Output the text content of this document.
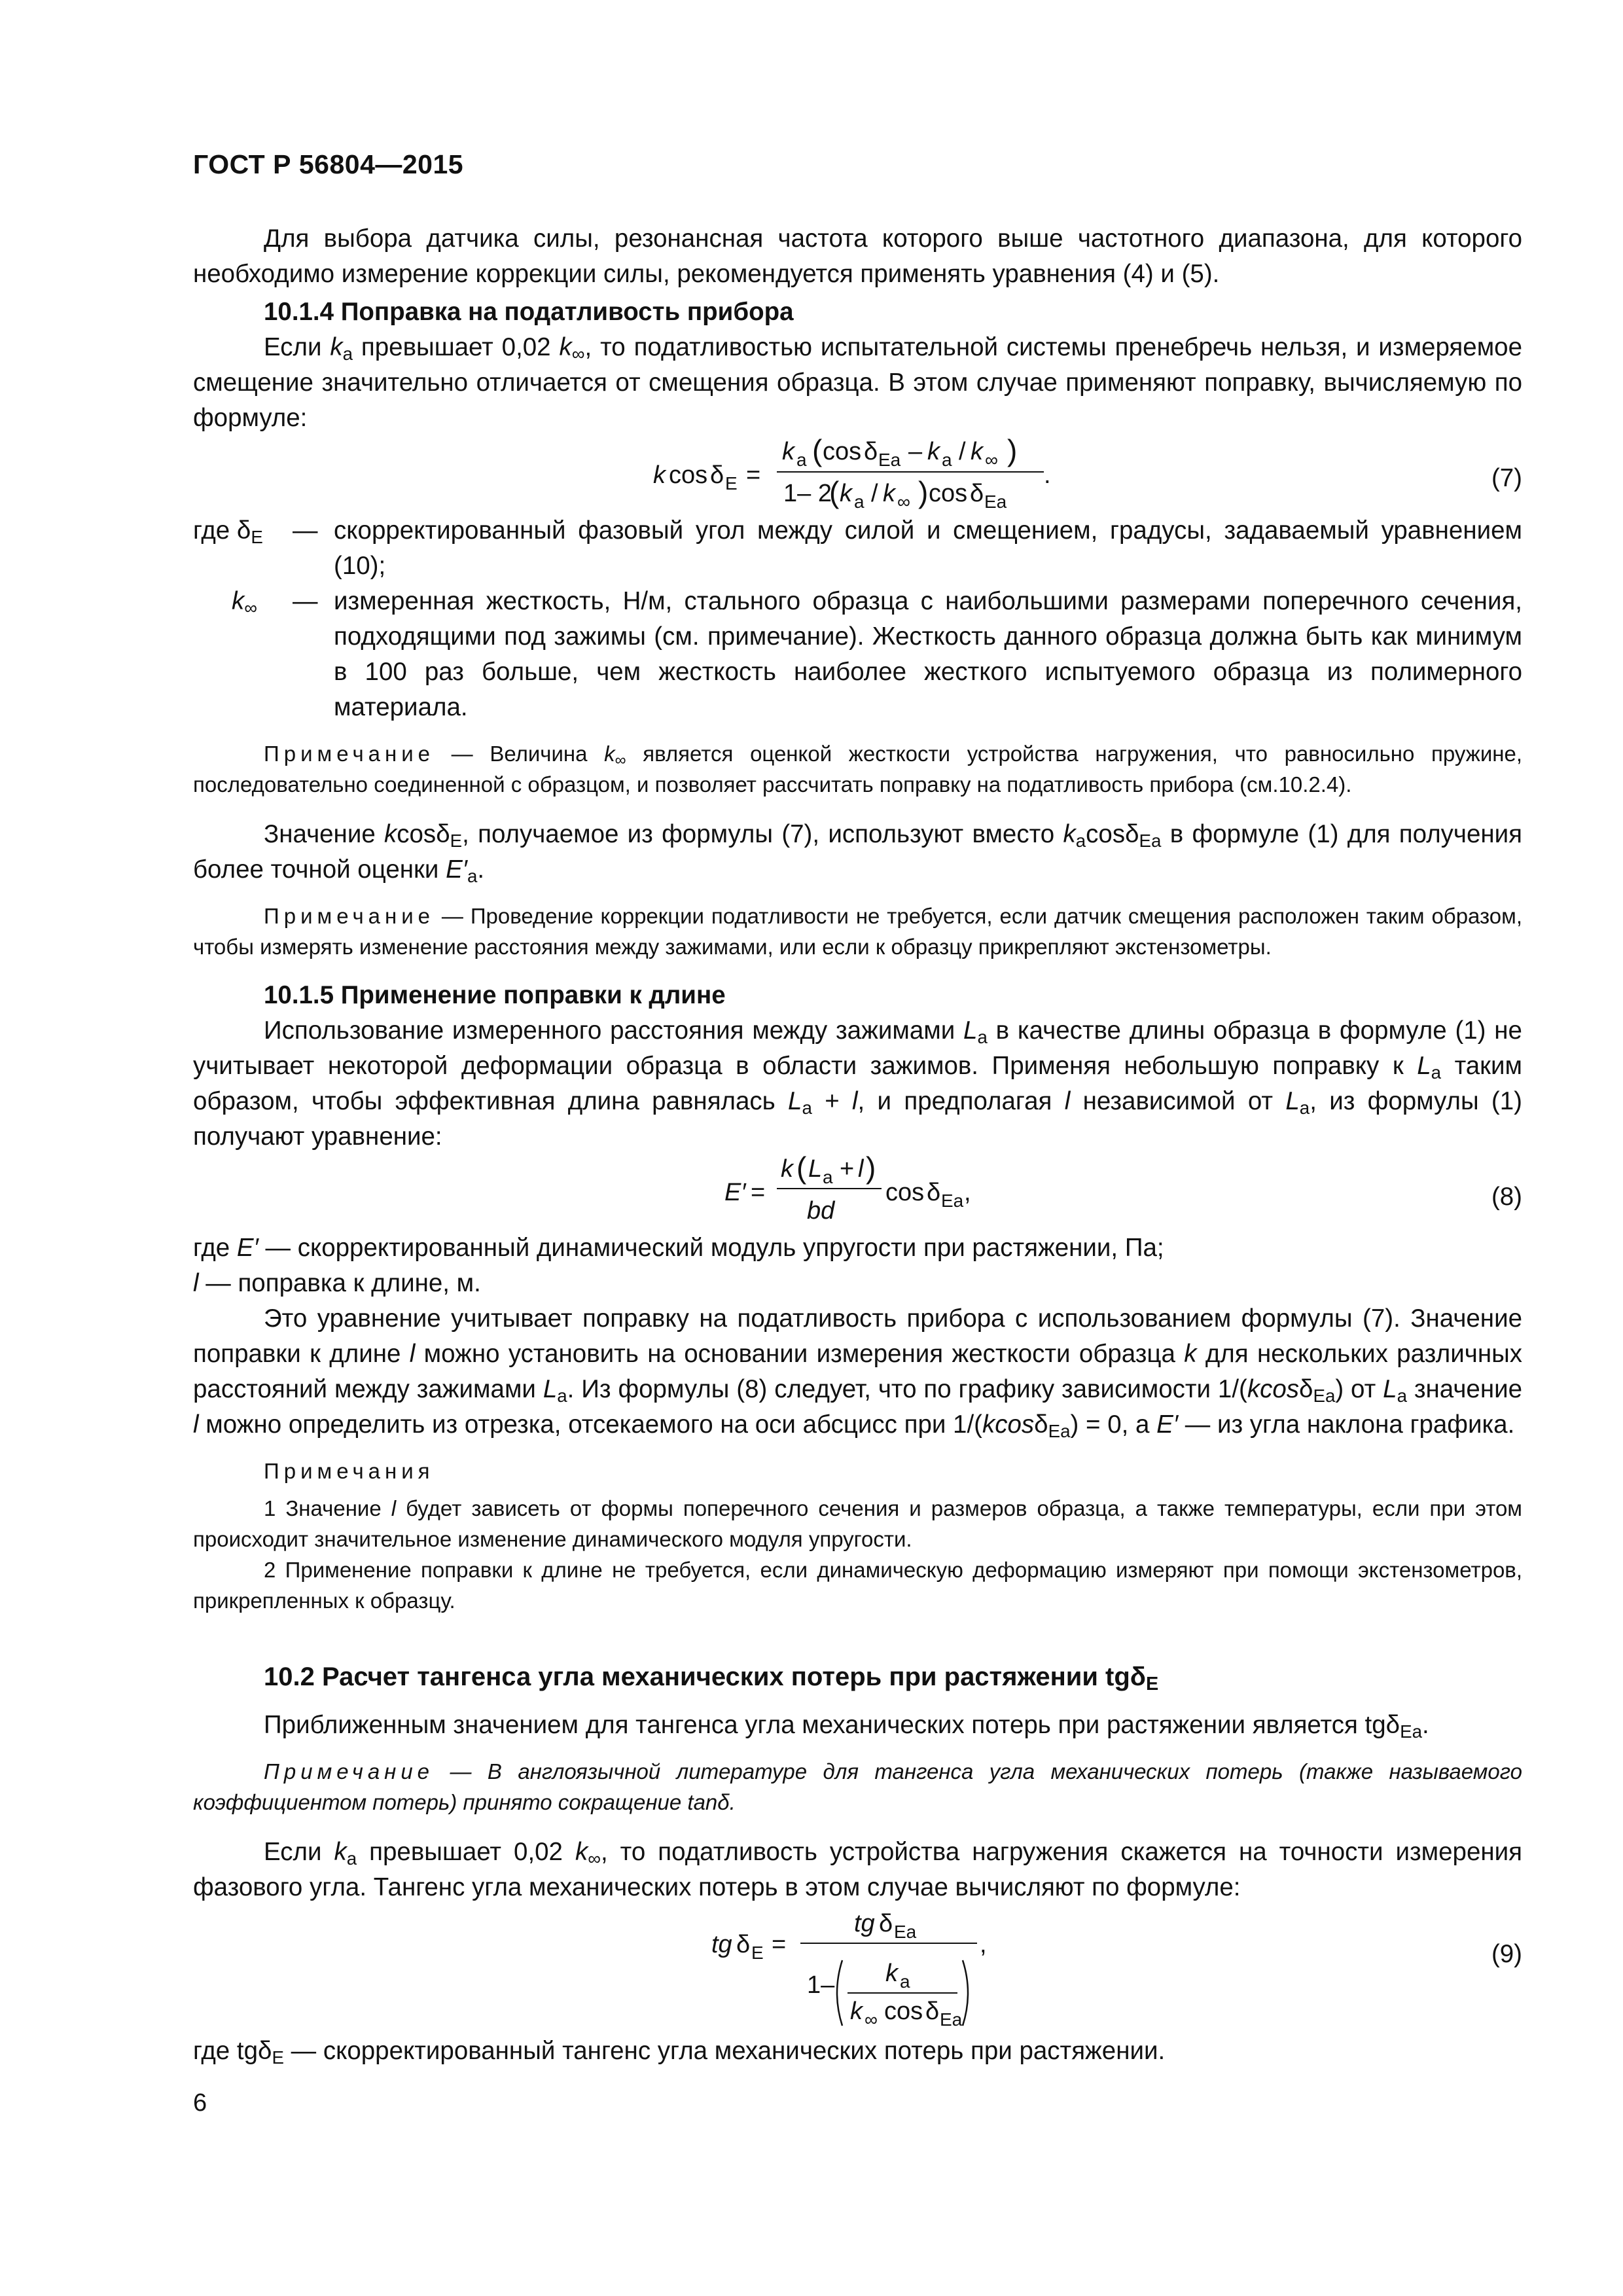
ГОСТ Р 56804—2015

Для выбора датчика силы, резонансная частота которого выше частотного диапазона, для которого необходимо измерение коррекции силы, рекомендуется применять уравнения (4) и (5).

10.1.4 Поправка на податливость прибора

Если $k_a$ превышает 0,02 $k_\infty$, то податливостью испытательной системы пренебречь нельзя, и измеряемое смещение значительно отличается от смещения образца. В этом случае применяют поправку, вычисляемую по формуле:

k cos δ E =
k a ( cos δ Ea – k a / k ∞ )
1– 2
( k a / k ∞ ) cos δ Ea
.	(7)
где $\delta_E$	— скорректированный фазовый угол между силой и смещением, градусы, задаваемый уравнением (10);
$k_\infty$ — измеренная жесткость, Н/м, стального образца с наибольшими размерами поперечного сечения, подходящими под зажимы (см. примечание). Жесткость данного образца должна быть как минимум в 100 раз больше, чем жесткость наиболее жесткого испытуемого образца из полимерного материала.

Примечание — Величина $k_\infty$ является оценкой жесткости устройства нагружения, что равносильно пружине, последовательно соединенной с образцом, и позволяет рассчитать поправку на податливость прибора (см.10.2.4).

Значение kcosδ$_E$, получаемое из формулы (7), используют вместо $k_a\cos\delta_{Ea}$ в формуле (1) для получения более точной оценки $E'_a$.

Примечание — Проведение коррекции податливости не требуется, если датчик смещения расположен таким образом, чтобы измерять изменение расстояния между зажимами, или если к образцу прикрепляют экстензометры.

10.1.5 Применение поправки к длине

Использование измеренного расстояния между зажимами $L_a$ в качестве длины образца в формуле (1) не учитывает некоторой деформации образца в области зажимов. Применяя небольшую поправку к $L_a$ таким образом, чтобы эффективная длина равнялась $L_a + l$, и предполагая l независимой от $L_a$, из формулы (1) получают уравнение:

E′ =
k ( L a + l )
bd
cos δ Ea ,	(8)

где E′ — скорректированный динамический модуль упругости при растяжении, Па;

l — поправка к длине, м.

Это уравнение учитывает поправку на податливость прибора с использованием формулы (7). Значение поправки к длине l можно установить на основании измерения жесткости образца k для нескольких различных расстояний между зажимами $L_a$. Из формулы (8) следует, что по графику зависимости 1/(kcosδ$_{Ea}$) от $L_a$ значение l можно определить из отрезка, отсекаемого на оси абсцисс при 1/(kcosδ$_{Ea}$) = 0, а E′ — из угла наклона графика.

Примечания

1 Значение l будет зависеть от формы поперечного сечения и размеров образца, а также температуры, если при этом происходит значительное изменение динамического модуля упругости.

2 Применение поправки к длине не требуется, если динамическую деформацию измеряют при помощи экстензометров, прикрепленных к образцу.

10.2 Расчет тангенса угла механических потерь при растяжении tgδ$_E$

Приближенным значением для тангенса угла механических потерь при растяжении является tgδ$_{Ea}$.

Примечание — В англоязычной литературе для тангенса угла механических потерь (также называемого коэффициентом потерь) принято сокращение tanδ.

Если $k_a$ превышает 0,02 $k_\infty$, то податливость устройства нагружения скажется на точности измерения фазового угла. Тангенс угла механических потерь в этом случае вычисляют по формуле:

tg δ E =
tg δ Ea
1– k a
k ∞ cos δ Ea
,	(9)

где tgδ$_E$ — скорректированный тангенс угла механических потерь при растяжении.

6
